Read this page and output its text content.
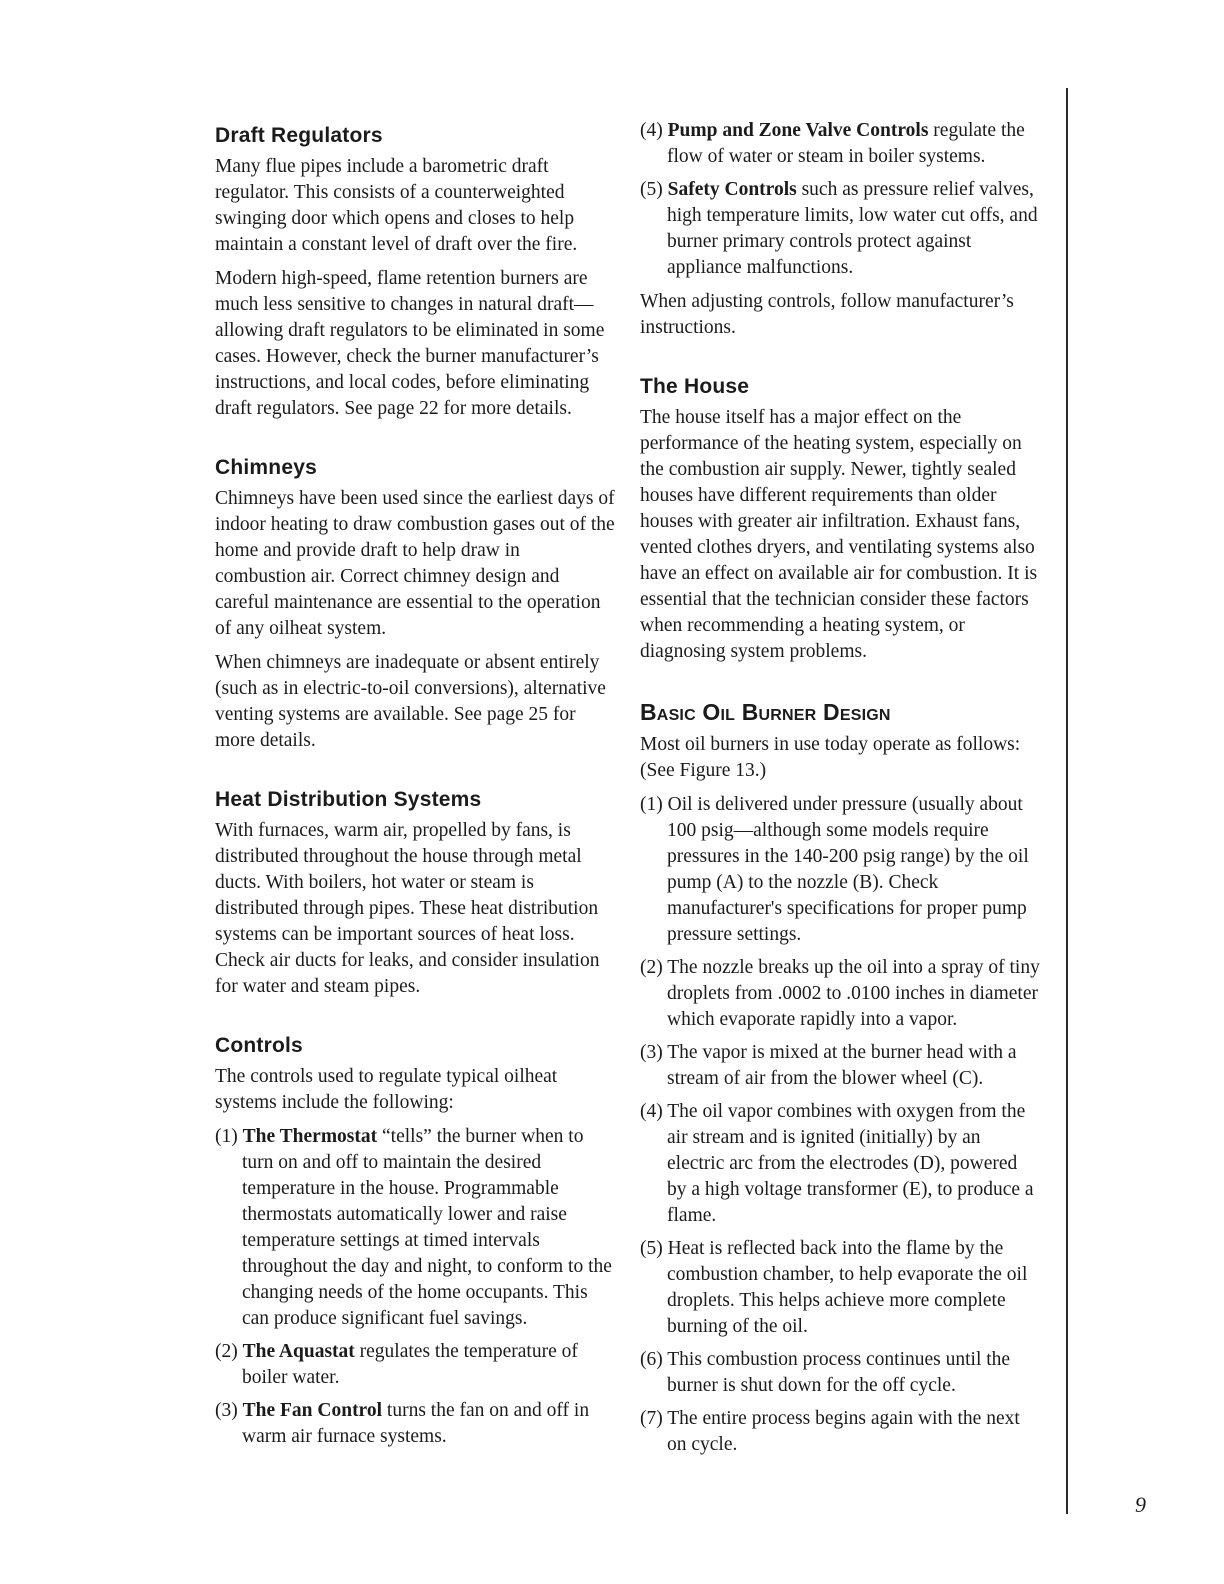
Draft Regulators

Many flue pipes include a barometric draft regulator. This consists of a counterweighted swinging door which opens and closes to help maintain a constant level of draft over the fire.

Modern high-speed, flame retention burners are much less sensitive to changes in natural draft—allowing draft regulators to be eliminated in some cases. However, check the burner manufacturer’s instructions, and local codes, before eliminating draft regulators. See page 22 for more details.

Chimneys

Chimneys have been used since the earliest days of indoor heating to draw combustion gases out of the home and provide draft to help draw in combustion air. Correct chimney design and careful maintenance are essential to the operation of any oilheat system.

When chimneys are inadequate or absent entirely (such as in electric-to-oil conversions), alternative venting systems are available. See page 25 for more details.

Heat Distribution Systems

With furnaces, warm air, propelled by fans, is distributed throughout the house through metal ducts. With boilers, hot water or steam is distributed through pipes. These heat distribution systems can be important sources of heat loss. Check air ducts for leaks, and consider insulation for water and steam pipes.

Controls

The controls used to regulate typical oilheat systems include the following:

(1) The Thermostat “tells” the burner when to turn on and off to maintain the desired temperature in the house. Programmable thermostats automatically lower and raise temperature settings at timed intervals throughout the day and night, to conform to the changing needs of the home occupants. This can produce significant fuel savings.
(2) The Aquastat regulates the temperature of boiler water.
(3) The Fan Control turns the fan on and off in warm air furnace systems.
(4) Pump and Zone Valve Controls regulate the flow of water or steam in boiler systems.
(5) Safety Controls such as pressure relief valves, high temperature limits, low water cut offs, and burner primary controls protect against appliance malfunctions.

When adjusting controls, follow manufacturer’s instructions.

The House

The house itself has a major effect on the performance of the heating system, especially on the combustion air supply. Newer, tightly sealed houses have different requirements than older houses with greater air infiltration. Exhaust fans, vented clothes dryers, and ventilating systems also have an effect on available air for combustion. It is essential that the technician consider these factors when recommending a heating system, or diagnosing system problems.

Basic Oil Burner Design

Most oil burners in use today operate as follows: (See Figure 13.)

(1) Oil is delivered under pressure (usually about 100 psig—although some models require pressures in the 140-200 psig range) by the oil pump (A) to the nozzle (B). Check manufacturer's specifications for proper pump pressure settings.
(2) The nozzle breaks up the oil into a spray of tiny droplets from .0002 to .0100 inches in diameter which evaporate rapidly into a vapor.
(3) The vapor is mixed at the burner head with a stream of air from the blower wheel (C).
(4) The oil vapor combines with oxygen from the air stream and is ignited (initially) by an electric arc from the electrodes (D), powered by a high voltage transformer (E), to produce a flame.
(5) Heat is reflected back into the flame by the combustion chamber, to help evaporate the oil droplets. This helps achieve more complete burning of the oil.
(6) This combustion process continues until the burner is shut down for the off cycle.
(7) The entire process begins again with the next on cycle.
9
